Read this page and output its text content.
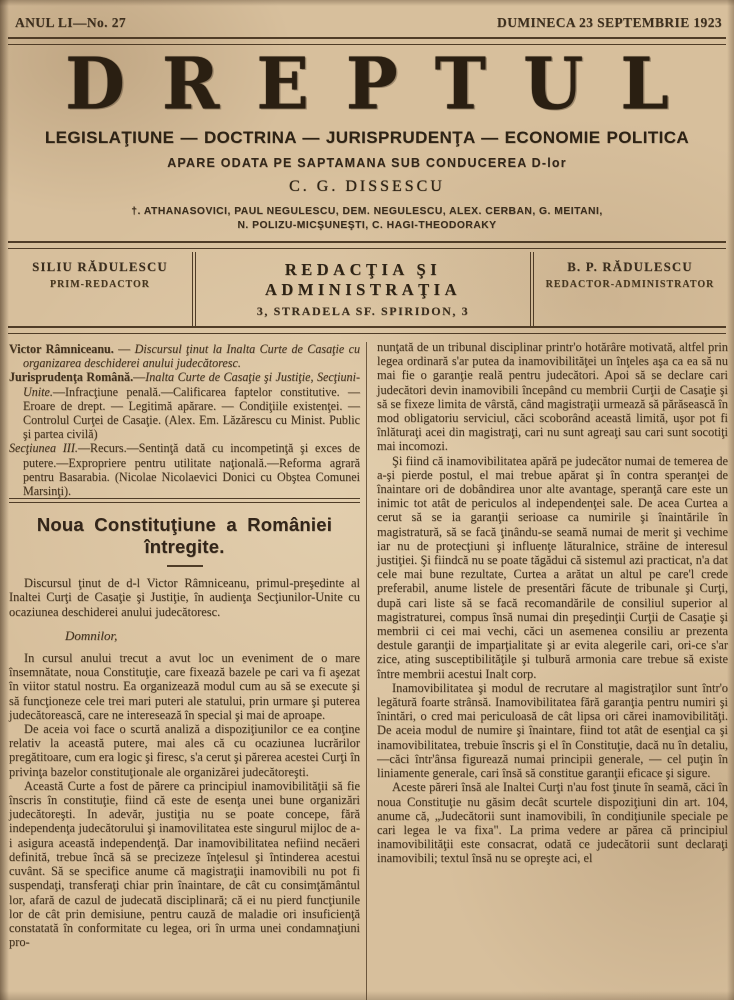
ANUL LI—No. 27	DUMINECA 23 SEPTEMBRIE 1923
DREPTUL
LEGISLAŢIUNE — DOCTRINA — JURISPRUDENŢA — ECONOMIE POLITICA
APARE ODATA PE SAPTAMANA SUB CONDUCEREA D-lor
C. G. DISSESCU
†. ATHANASOVICI, PAUL NEGULESCU, DEM. NEGULESCU, ALEX. CERBAN, G. MEITANI,
N. POLIZU-MICŞUNEŞTI, C. HAGI-THEODORAKY
SILIU RĂDULESCU
PRIM-REDACTOR
REDACŢIA ŞI ADMINISTRAŢIA
3, STRADELA SF. SPIRIDON, 3
B. P. RĂDULESCU
REDACTOR-ADMINISTRATOR

Victor Râmniceanu. — Discursul ţinut la Inalta Curte de Casaţie cu organizarea deschiderei anului judecătoresc.

Jurisprudenţa Română.—Inalta Curte de Casaţie şi Justiţie, Secţiuni-Unite.—Infracţiune penală.—Calificarea faptelor constitutive. — Eroare de drept. — Legitimă apărare. — Condiţiile existenţei. — Controlul Curţei de Casaţie. (Alex. Em. Lăzărescu cu Minist. Public şi partea civilă)

Secţiunea III.—Recurs.—Sentinţă dată cu incompetinţă şi exces de putere.—Expropriere pentru utilitate naţională.—Reforma agrară pentru Basarabia. (Nicolae Nicolaevici Donici cu Obştea Comunei Marsinţi).

Noua Constituţiune a României întregite.

Discursul ţinut de d-l Victor Râmniceanu, primul-preşedinte al Inaltei Curţi de Casaţie şi Justiţie, în audienţa Secţiunilor-Unite cu ocaziunea deschiderei anului judecătoresc.

Domnilor,

In cursul anului trecut a avut loc un eveniment de o mare însemnătate, noua Constituţie, care fixează bazele pe cari va fi aşezat în viitor statul nostru. Ea organizează modul cum au să se execute şi să funcţioneze cele trei mari puteri ale statului, prin urmare şi puterea judecătorească, care ne interesează în special şi mai de aproape.

De aceia voi face o scurtă analiză a dispoziţiunilor ce ea conţine relativ la această putere, mai ales că cu ocaziunea lucrărilor pregătitoare, cum era logic şi firesc, s'a cerut şi părerea acestei Curţi în privinţa bazelor constituţionale ale organizărei judecătoreşti.

Această Curte a fost de părere ca principiul inamovibilităţii să fie înscris în constituţie, fiind că este de esenţa unei bune organizări judecătoreşti. In adevăr, justiţia nu se poate concepe, fără independenţa judecătorului şi inamovilitatea este singurul mijloc de a-i asigura această independenţă. Dar inamovibilitatea nefiind necăeri definită, trebue încă să se precizeze înţelesul şi întinderea acestui cuvânt. Să se specifice anume că magistraţii inamovibili nu pot fi suspendaţi, transferaţi chiar prin înaintare, de cât cu consimţământul lor, afară de cazul de judecată disciplinară; că ei nu pierd funcţiunile lor de cât prin demisiune, pentru cauză de maladie ori insuficienţă constatată în conformitate cu legea, ori în urma unei condamnaţiuni pro-

nunţată de un tribunal disciplinar printr'o hotărâre motivată, altfel prin legea ordinară s'ar putea da inamovibilităţei un înţeles aşa ca ea să nu mai fie o garanţie reală pentru judecători. Apoi să se declare cari judecători devin inamovibili începând cu membrii Curţii de Casaţie şi să se fixeze limita de vârstă, când magistraţii urmează să părăsească în mod obligatoriu serviciul, căci scoborând această limită, uşor pot fi înlăturaţi acei din magistraţi, cari nu sunt agreaţi sau cari sunt socotiţi mai incomozi.

Şi fiind că inamovibilitatea apără pe judecător numai de temerea de a-şi pierde postul, el mai trebue apărat şi în contra speranţei de înaintare ori de dobândirea unor alte avantage, speranţă care este un inimic tot atât de periculos al independenţei sale. De acea Curtea a cerut să se ia garanţii serioase ca numirile şi înaintările în magistratură, să se facă ţinându-se seamă numai de merit şi vechime iar nu de protecţiuni şi influenţe lăturalnice, străine de interesul justiţiei. Şi fiindcă nu se poate tăgădui că sistemul azi practicat, n'a dat cele mai bune rezultate, Curtea a arătat un altul pe care'l crede preferabil, anume listele de presentări făcute de tribunale şi Curţi, după cari liste să se facă recomandările de consiliul superior al magistraturei, compus însă numai din preşedinţii Curţii de Casaţie şi membrii ci cei mai vechi, căci un asemenea consiliu ar prezenta destule garanţii de imparţialitate şi ar evita alegerile cari, ori-ce s'ar zice, ating susceptibilităţile şi tulbură armonia care trebue să existe între membrii acestui Inalt corp.

Inamovibilitatea şi modul de recrutare al magistraţilor sunt într'o legătură foarte strânsă. Inamovibilitatea fără garanţia pentru numiri şi înintări, o cred mai periculoasă de cât lipsa ori cărei inamovibilităţi. De aceia modul de numire şi înaintare, fiind tot atât de esenţial ca şi inamovibilitatea, trebuie înscris şi el în Constituţie, dacă nu în detaliu,—căci într'ânsa figurează numai principii generale, — cel puţin în liniamente generale, cari însă să constitue garanţii eficace şi sigure.

Aceste păreri însă ale Inaltei Curţi n'au fost ţinute în seamă, căci în noua Constituţie nu găsim decât scurtele dispoziţiuni din art. 104, anume că, „Judecătorii sunt inamovibili, în condiţiunile speciale pe cari legea le va fixa". La prima vedere ar părea că principiul inamovibilităţii este consacrat, odată ce judecătorii sunt declaraţi inamovibili; textul însă nu se opreşte aci, el
